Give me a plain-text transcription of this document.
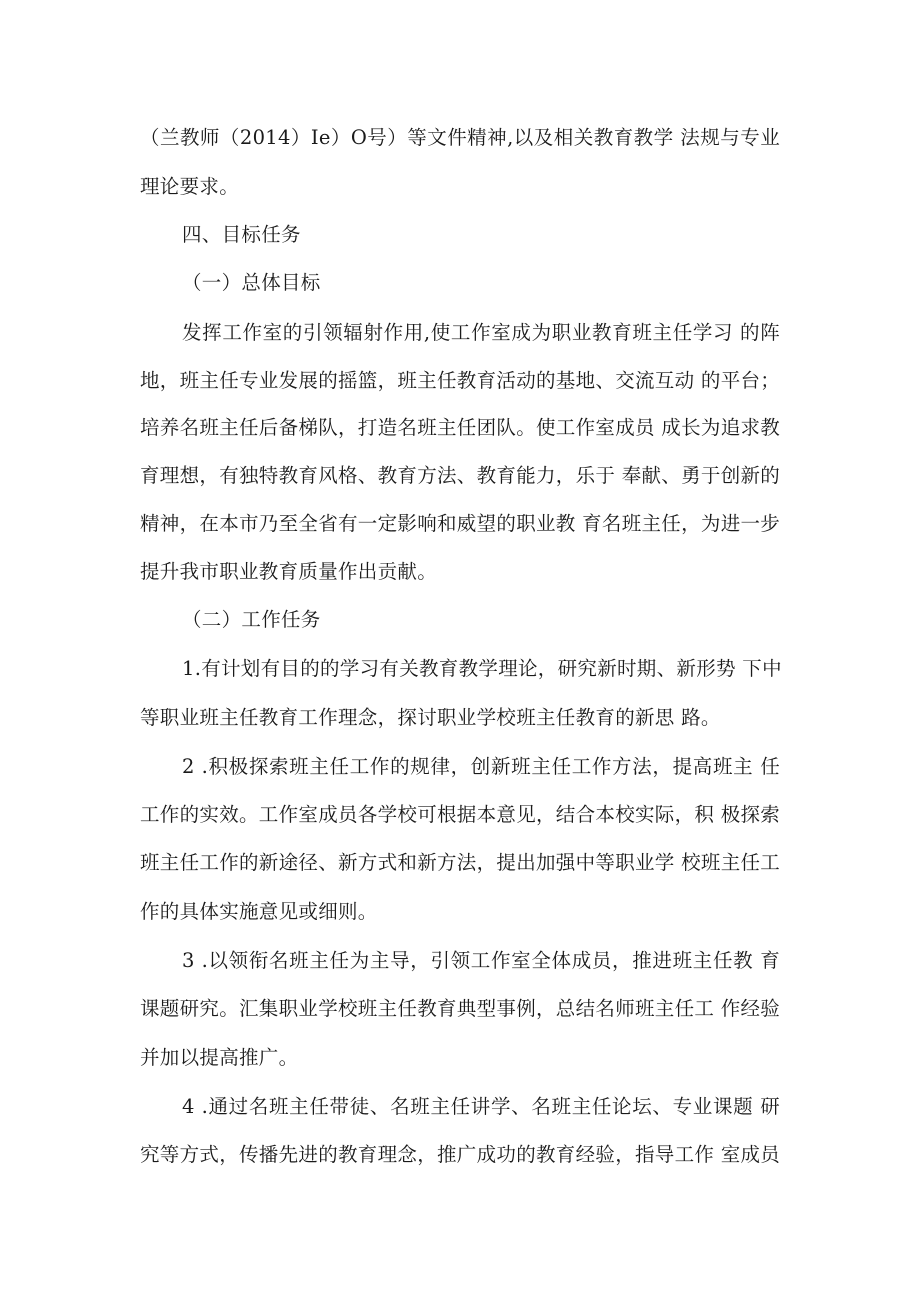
（兰教师（2014）Ie）O号）等文件精神,以及相关教育教学 法规与专业
理论要求。
四、目标任务
（一）总体目标
发挥工作室的引领辐射作用,使工作室成为职业教育班主任学习 的阵
地，班主任专业发展的摇篮，班主任教育活动的基地、交流互动 的平台；
培养名班主任后备梯队，打造名班主任团队。使工作室成员 成长为追求教
育理想，有独特教育风格、教育方法、教育能力，乐于 奉献、勇于创新的
精神，在本市乃至全省有一定影响和威望的职业教 育名班主任，为进一步
提升我市职业教育质量作出贡献。
（二）工作任务
1.有计划有目的的学习有关教育教学理论，研究新时期、新形势 下中
等职业班主任教育工作理念，探讨职业学校班主任教育的新思 路。
2 .积极探索班主任工作的规律，创新班主任工作方法，提高班主 任
工作的实效。工作室成员各学校可根据本意见，结合本校实际，积 极探索
班主任工作的新途径、新方式和新方法，提出加强中等职业学 校班主任工
作的具体实施意见或细则。
3 .以领衔名班主任为主导，引领工作室全体成员，推进班主任教 育
课题研究。汇集职业学校班主任教育典型事例，总结名师班主任工 作经验
并加以提高推广。
4 .通过名班主任带徒、名班主任讲学、名班主任论坛、专业课题 研
究等方式，传播先进的教育理念，推广成功的教育经验，指导工作 室成员
